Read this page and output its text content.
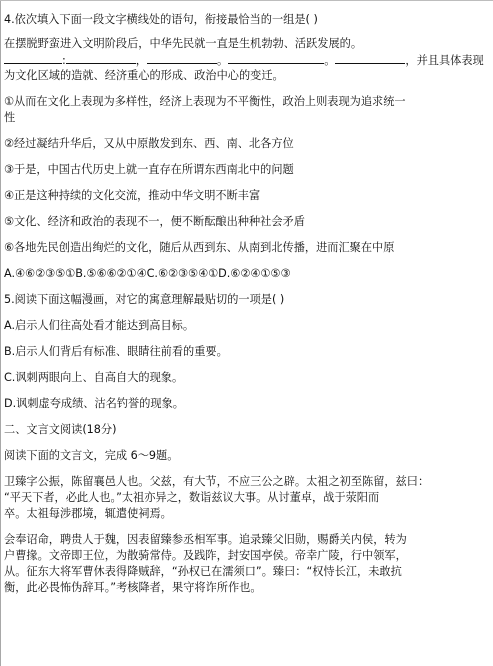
4.依次填入下面一段文字横线处的语句，衔接最恰当的一组是( )
在摆脱野蛮进入文明阶段后，中华先民就一直是生机勃勃、活跃发展的。
:	，	。	。	，并且具体表现
为文化区域的造就、经济重心的形成、政治中心的变迁。
①从而在文化上表现为多样性，经济上表现为不平衡性，政治上则表现为追求统一
性
②经过凝结升华后，又从中原散发到东、西、南、北各方位
③于是，中国古代历史上就一直存在所谓东西南北中的问题
④正是这种持续的文化交流，推动中华文明不断丰富
⑤文化、经济和政治的表现不一，便不断酝酿出种种社会矛盾
⑥各地先民创造出绚烂的文化，随后从西到东、从南到北传播，进而汇聚在中原
A.④⑥②③⑤①B.⑤⑥⑥②①④C.⑥②③⑤④①D.⑥②④①⑤③
5.阅读下面这幅漫画，对它的寓意理解最贴切的一项是( )
A.启示人们往高处看才能达到高目标。
B.启示人们背后有标准、眼睛往前看的重要。
C.讽刺两眼向上、自高自大的现象。
D.讽刺虚夸成绩、沽名钓誉的现象。
二、文言文阅读(18分)
阅读下面的文言文，完成 6～9题。
卫臻字公振，陈留襄邑人也。父兹，有大节，不应三公之辟。太祖之初至陈留，兹曰：
“平天下者，必此人也。”太祖亦异之，数诣兹议大事。从讨董卓，战于荥阳而
卒。太祖每涉郡境，辄遣使祠焉。
会奉诏命，聘贵人于魏，因表留臻参丞相军事。追录臻父旧勋，赐爵关内侯，转为
户曹掾。文帝即王位，为散骑常侍。及践阼，封安国亭侯。帝幸广陵，行中领军，
从。征东大将军曹休表得降贼辞，“孙权已在濡须口”。臻曰：“权恃长江，未敢抗
衡，此必畏怖伪辞耳。”考核降者，果守将诈所作也。
